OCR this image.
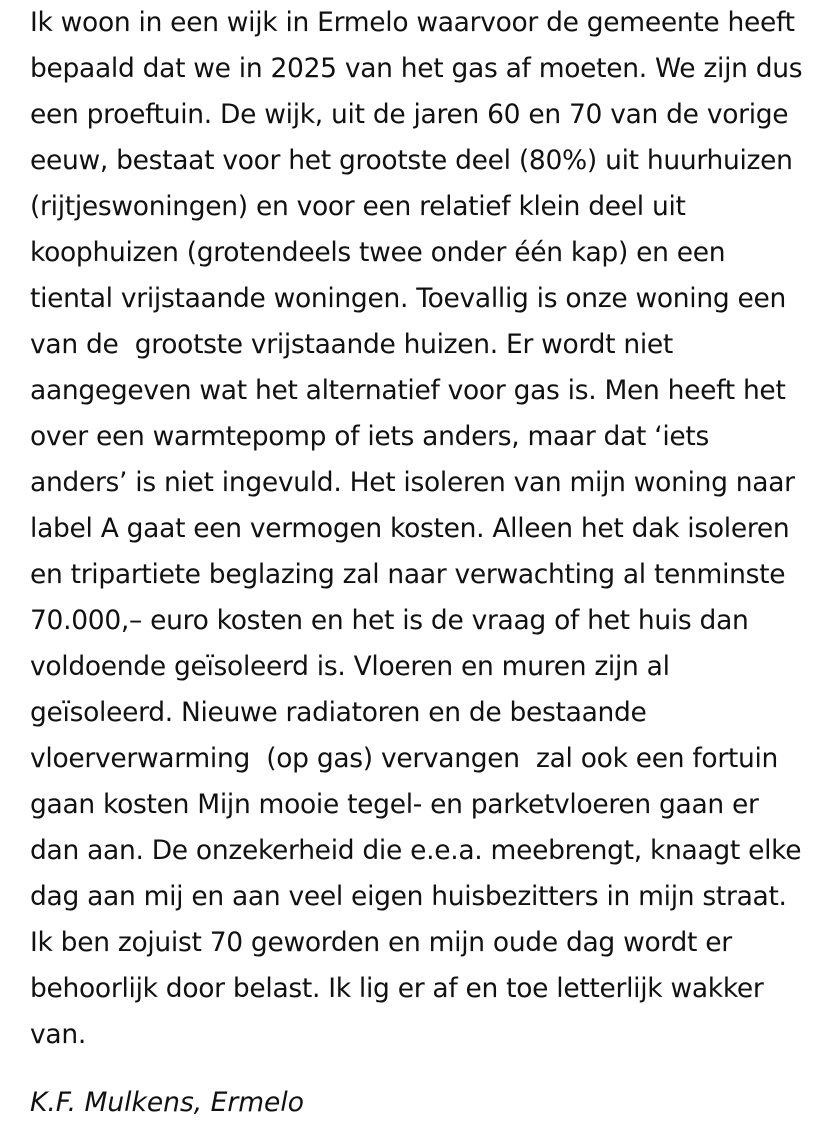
Ik woon in een wijk in Ermelo waarvoor de gemeente heeft
bepaald dat we in 2025 van het gas af moeten. We zijn dus
een proeftuin. De wijk, uit de jaren 60 en 70 van de vorige
eeuw, bestaat voor het grootste deel (80%) uit huurhuizen
(rijtjeswoningen) en voor een relatief klein deel uit
koophuizen (grotendeels twee onder één kap) en een
tiental vrijstaande woningen. Toevallig is onze woning een
van de  grootste vrijstaande huizen. Er wordt niet
aangegeven wat het alternatief voor gas is. Men heeft het
over een warmtepomp of iets anders, maar dat ‘iets
anders’ is niet ingevuld. Het isoleren van mijn woning naar
label A gaat een vermogen kosten. Alleen het dak isoleren
en tripartiete beglazing zal naar verwachting al tenminste
70.000,– euro kosten en het is de vraag of het huis dan
voldoende geïsoleerd is. Vloeren en muren zijn al
geïsoleerd. Nieuwe radiatoren en de bestaande
vloerverwarming  (op gas) vervangen  zal ook een fortuin
gaan kosten Mijn mooie tegel- en parketvloeren gaan er
dan aan. De onzekerheid die e.e.a. meebrengt, knaagt elke
dag aan mij en aan veel eigen huisbezitters in mijn straat.
Ik ben zojuist 70 geworden en mijn oude dag wordt er
behoorlijk door belast. Ik lig er af en toe letterlijk wakker
van.
K.F. Mulkens, Ermelo
